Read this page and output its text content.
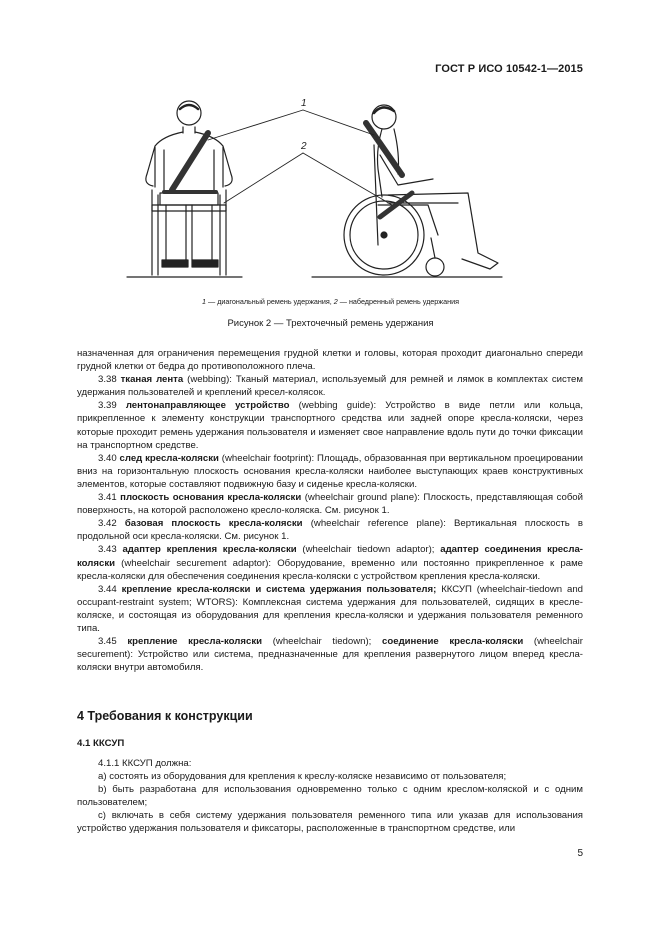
ГОСТ Р ИСО 10542-1—2015
1
2
1 — диагональный ремень удержания, 2 — набедренный ремень удержания
Рисунок 2 — Трехточечный ремень удержания

назначенная для ограничения перемещения грудной клетки и головы, которая проходит диагонально спереди грудной клетки от бедра до противоположного плеча.

3.38 тканая лента (webbing): Тканый материал, используемый для ремней и лямок в комплектах систем удержания пользователей и креплений кресел-колясок.

3.39 лентонаправляющее устройство (webbing guide): Устройство в виде петли или кольца, прикрепленное к элементу конструкции транспортного средства или задней опоре кресла-коляски, через которые проходит ремень удержания пользователя и изменяет свое направление вдоль пути до точки фиксации на транспортном средстве.

3.40 след кресла-коляски (wheelchair footprint): Площадь, образованная при вертикальном проецировании вниз на горизонтальную плоскость основания кресла-коляски наиболее выступающих краев конструктивных элементов, которые составляют подвижную базу и сиденье кресла-коляски.

3.41 плоскость основания кресла-коляски (wheelchair ground plane): Плоскость, представляющая собой поверхность, на которой расположено кресло-коляска. См. рисунок 1.

3.42 базовая плоскость кресла-коляски (wheelchair reference plane): Вертикальная плоскость в продольной оси кресла-коляски. См. рисунок 1.

3.43 адаптер крепления кресла-коляски (wheelchair tiedown adaptor); адаптер соединения кресла-коляски (wheelchair securement adaptor): Оборудование, временно или постоянно прикрепленное к раме кресла-коляски для обеспечения соединения кресла-коляски с устройством крепления кресла-коляски.

3.44 крепление кресла-коляски и система удержания пользователя; ККСУП (wheelchair-tiedown and occupant-restraint system; WTORS): Комплексная система удержания для пользователей, сидящих в кресле-коляске, и состоящая из оборудования для крепления кресла-коляски и удержания пользователя ременного типа.

3.45 крепление кресла-коляски (wheelchair tiedown); соединение кресла-коляски (wheelchair securement): Устройство или система, предназначенные для крепления развернутого лицом вперед кресла-коляски внутри автомобиля.

4 Требования к конструкции
4.1 ККСУП

4.1.1 ККСУП должна:

а) состоять из оборудования для крепления к креслу-коляске независимо от пользователя;

b) быть разработана для использования одновременно только с одним креслом-коляской и с одним пользователем;

с) включать в себя систему удержания пользователя ременного типа или указав для использования устройство удержания пользователя и фиксаторы, расположенные в транспортном средстве, или

5
